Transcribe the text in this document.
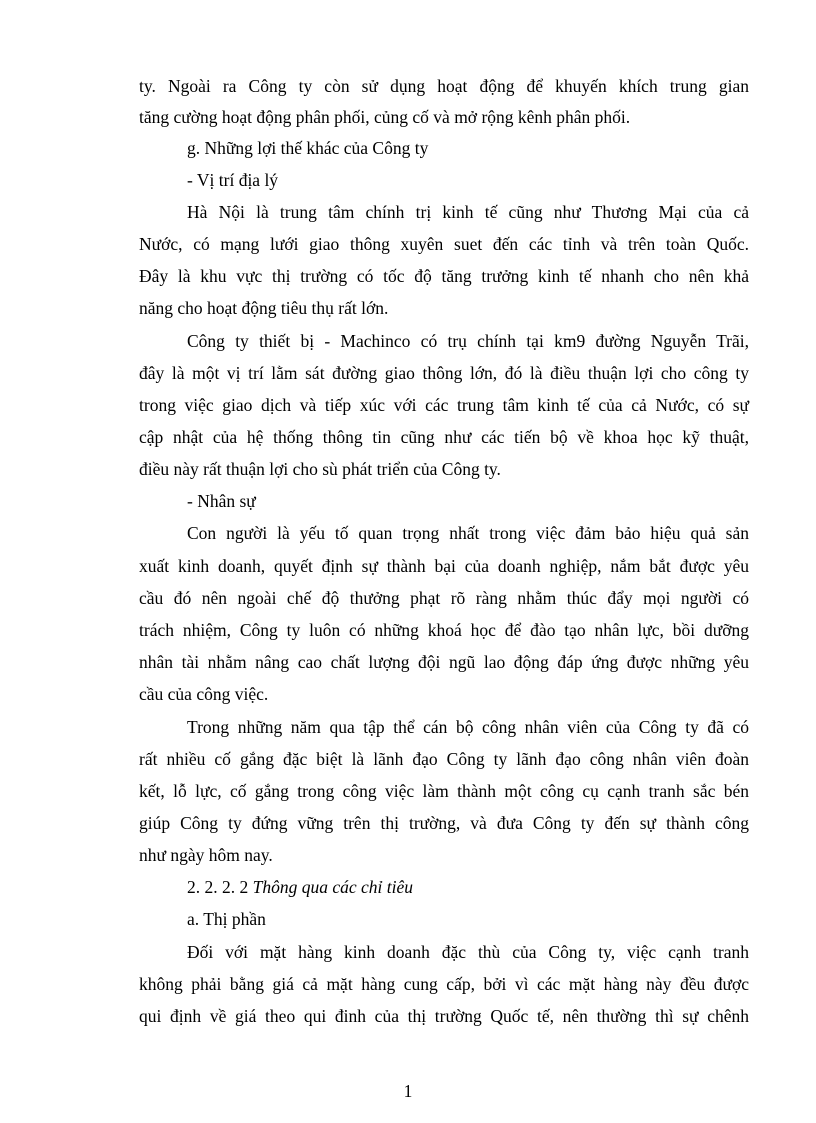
ty. Ngoài ra Công ty còn sử dụng hoạt động để khuyến khích trung gian
tăng cường hoạt động phân phối, củng cố và mở rộng kênh phân phối.
g. Những lợi thế khác của Công ty
- Vị trí địa lý
Hà Nội là trung tâm chính trị kinh tế cũng như Thương Mại của cả
Nước, có mạng lưới giao thông xuyên suet đến các tỉnh và trên toàn Quốc.
Đây là khu vực thị trường có tốc độ tăng trưởng kinh tế nhanh cho nên khả
năng cho hoạt động tiêu thụ rất lớn.
Công ty thiết bị - Machinco có trụ chính tại km9 đường Nguyễn Trãi,
đây là một vị trí lằm sát đường giao thông lớn, đó là điều thuận lợi cho công ty
trong việc giao dịch và tiếp xúc với các trung tâm kinh tế của cả Nước, có sự
cập nhật của hệ thống thông tin cũng như các tiến bộ về khoa học kỹ thuật,
điều này rất thuận lợi cho sù phát triển của Công ty.
- Nhân sự
Con người là yếu tố quan trọng nhất trong việc đảm bảo hiệu quả sản
xuất kinh doanh, quyết định sự thành bại của doanh nghiệp, nắm bắt được yêu
cầu đó nên ngoài chế độ thưởng phạt rõ ràng nhằm thúc đẩy mọi người có
trách nhiệm, Công ty luôn có những khoá học để đào tạo nhân lực, bồi dưỡng
nhân tài nhằm nâng cao chất lượng đội ngũ lao động đáp ứng được những yêu
cầu của công việc.
Trong những năm qua tập thể cán bộ công nhân viên của Công ty đã có
rất nhiều cố gắng đặc biệt là lãnh đạo Công ty lãnh đạo công nhân viên đoàn
kết, lỗ lực, cố gắng trong công việc làm thành một công cụ cạnh tranh sắc bén
giúp Công ty đứng vững trên thị trường, và đưa Công ty đến sự thành công
như ngày hôm nay.
2. 2. 2. 2 Thông qua các chỉ tiêu
a. Thị phần
Đối với mặt hàng kinh doanh đặc thù của Công ty, việc cạnh tranh
không phải bằng giá cả mặt hàng cung cấp, bởi vì các mặt hàng này đều được
qui định về giá theo qui đinh của thị trường Quốc tế, nên thường thì sự chênh
1
